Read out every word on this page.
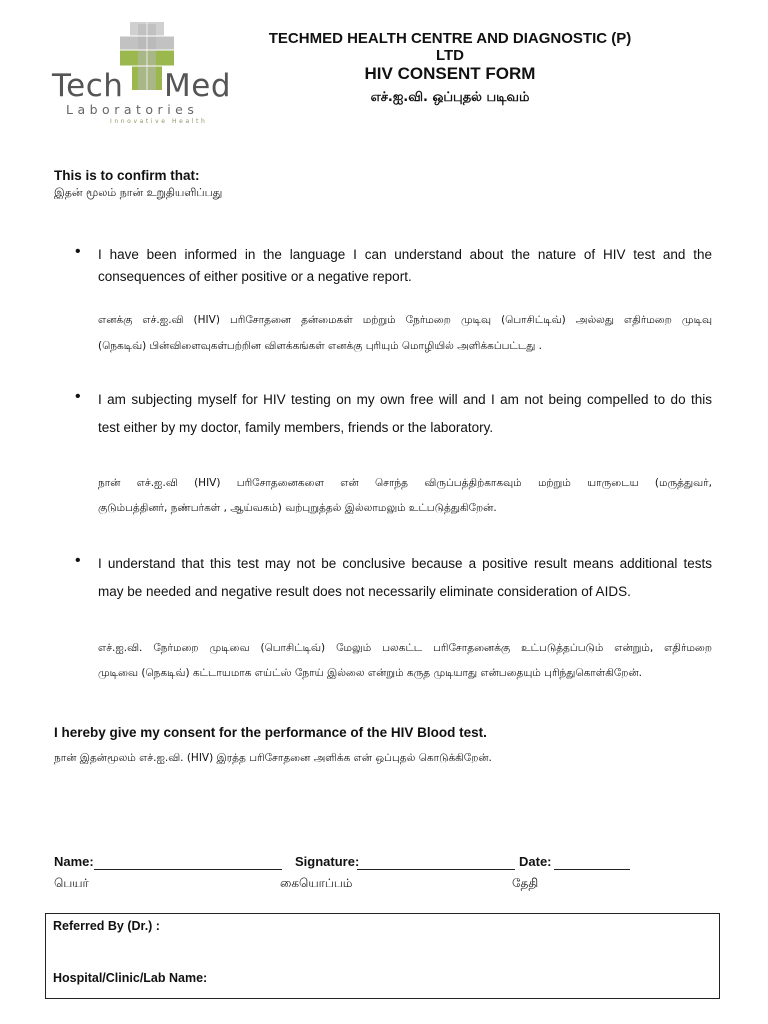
Tech Med
Laboratories
Innovative Health
TECHMED HEALTH CENTRE AND DIAGNOSTIC (P) LTD
HIV CONSENT FORM
எச்.ஐ.வி. ஒப்புதல் படிவம்
This is to confirm that:
இதன் மூலம் நான் உறுதியளிப்பது
• I have been informed in the language I can understand about the nature of HIV test and the
consequences of either positive or a negative report.
எனக்கு எச்.ஐ.வி (HIV) பரிசோதனை தன்மைகள் மற்றும் நேர்மறை முடிவு (பொசிட்டிவ்) அல்லது எதிர்மறை முடிவு
(நெகடிவ்) பின்விளைவுகள்பற்றின விளக்கங்கள் எனக்கு புரியும் மொழியில் அளிக்கப்பட்டது .
• I am subjecting myself for HIV testing on my own free will and I am not being compelled to do this
test either by my doctor, family members, friends or the laboratory.
நான் எச்.ஐ.வி (HIV) பரிசோதனைகளை என் சொந்த விருப்பத்திற்காகவும் மற்றும் யாருடைய (மருத்துவர்,
குடும்பத்தினர், நண்பர்கள் , ஆய்வகம்) வற்புறுத்தல் இல்லாமலும் உட்படுத்துகிறேன்.
• I understand that this test may not be conclusive because a positive result means additional tests
may be needed and negative result does not necessarily eliminate consideration of AIDS.
எச்.ஐ.வி. நேர்மறை முடிவை (பொசிட்டிவ்) மேலும் பலகட்ட பரிசோதனைக்கு உட்படுத்தப்படும் என்றும், எதிர்மறை
முடிவை (நெகடிவ்) கட்டாயமாக எய்ட்ஸ் நோய் இல்லை என்றும் கருத முடியாது என்பதையும் புரிந்துகொள்கிறேன்.
I hereby give my consent for the performance of the HIV Blood test.
நான் இதன்மூலம் எச்.ஐ.வி. (HIV) இரத்த பரிசோதனை அளிக்க என் ஒப்புதல் கொடுக்கிறேன்.
Name:	Signature:	Date:
பெயர்	கையொப்பம்	தேதி
Referred By (Dr.) :
Hospital/Clinic/Lab Name:
